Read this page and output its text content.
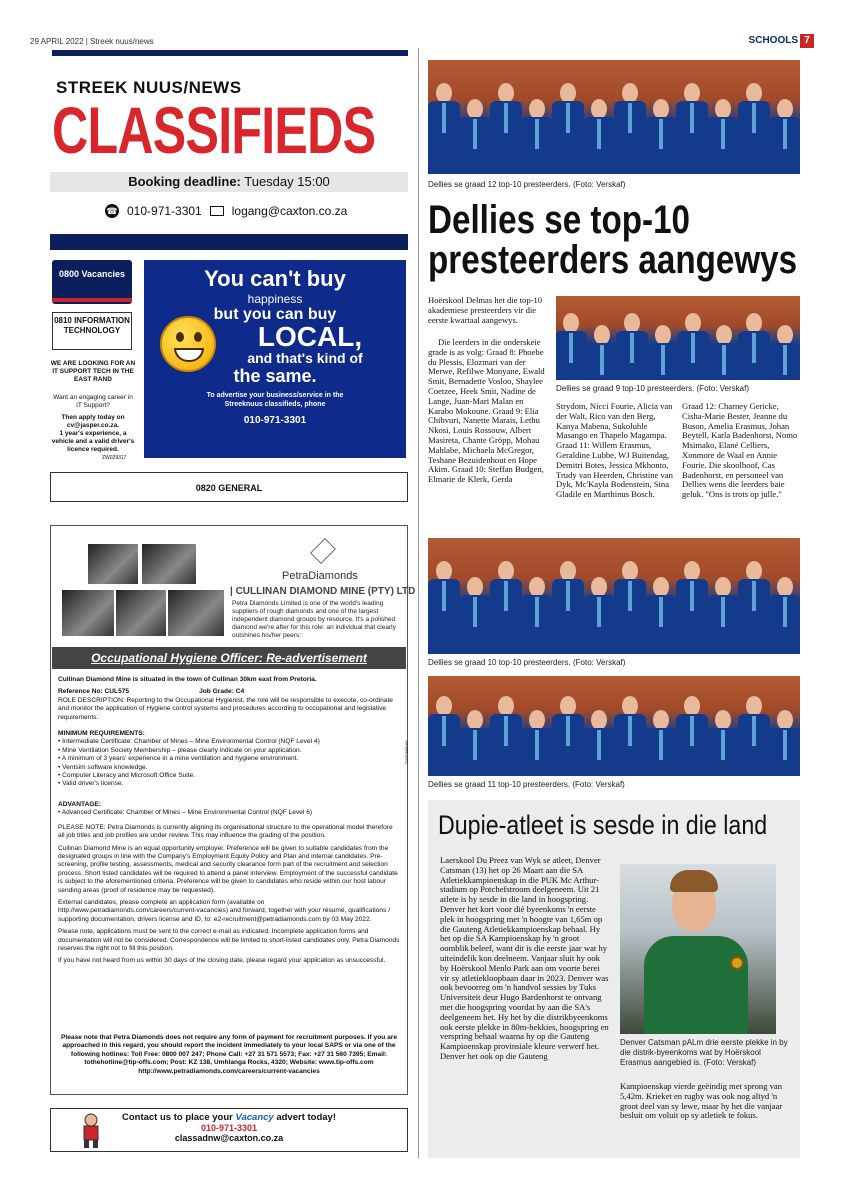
29 APRIL 2022 | Streek nuus/news	SCHOOLS 7
STREEK NUUS/NEWS
CLASSIFIEDS
Booking deadline: Tuesday 15:00
☎ 010-971-3301	logang@caxton.co.za
0800 Vacancies
0810 INFORMATION TECHNOLOGY
WE ARE LOOKING FOR AN IT SUPPORT TECH IN THE EAST RAND
Want an engaging career in IT Support?
Then apply today on cv@jasper.co.za.
1 year's experience, a vehicle and a valid driver's licence required.
ZW029317
You can't buy
happiness
but you can buy
LOCAL,
and that's kind of
the same.
To advertise your business/service in the
Streeknuus classifieds, phone
010-971-3301
0820 GENERAL
PetraDiamonds
| CULLINAN DIAMOND MINE (PTY) LTD
Petra Diamonds Limited is one of the world's leading suppliers of rough diamonds and one of the largest independent diamond groups by resource. It's a polished diamond we're after for this role: an individual that clearly outshines his/her peers:
Occupational Hygiene Officer: Re-advertisement
TWZ0886081

Cullinan Diamond Mine is situated in the town of Cullinan 30km east from Pretoria.

Reference No: CUL575	Job Grade: C4

ROLE DESCRIPTION: Reporting to the Occupational Hygienist, the role will be responsible to execute, co-ordinate and monitor the application of Hygiene control systems and procedures according to occupational and legislative requirements.

MINIMUM REQUIREMENTS:

• Intermediate Certificate: Chamber of Mines – Mine Environmental Control (NQF Level 4)
• Mine Ventilation Society Membership – please clearly indicate on your application.
• A minimum of 3 years' experience in a mine ventilation and hygiene environment.
• Ventsim software knowledge.
• Computer Literacy and Microsoft Office Suite.
• Valid driver's license.

ADVANTAGE:

• Advanced Certificate: Chamber of Mines – Mine Environmental Control (NQF Level 6)

PLEASE NOTE: Petra Diamonds is currently aligning its organisational structure to the operational model therefore all job titles and job profiles are under review. This may influence the grading of the position.

Cullinan Diamond Mine is an equal opportunity employer. Preference will be given to suitable candidates from the designated groups in line with the Company's Employment Equity Policy and Plan and internal candidates. Pre-screening, profile testing, assessments, medical and security clearance form part of the recruitment and selection process. Short listed candidates will be required to attend a panel interview. Employment of the successful candidate is subject to the aforementioned criteria. Preference will be given to candidates who reside within our host labour sending areas (proof of residence may be requested).

External candidates, please complete an application form (available on http://www.petradiamonds.com/careers/current-vacancies) and forward, together with your résumé, qualifications / supporting documentation, drivers license and ID, to: e2-recruitment@petradiamonds.com by 03 May 2022.

Please note, applications must be sent to the correct e-mail as indicated. Incomplete application forms and documentation will not be considered. Correspondence will be limited to short-listed candidates only. Petra Diamonds reserves the right not to fill this position.

If you have not heard from us within 30 days of the closing date, please regard your application as unsuccessful.

Please note that Petra Diamonds does not require any form of payment for recruitment purposes. If you are approached in this regard, you should report the incident immediately to your local SAPS or via one of the following hotlines: Toll Free: 0800 007 247; Phone Call: +27 31 571 5573; Fax: +27 31 560 7395; Email: tothehotline@tip-offs.com; Post: KZ 138, Umhlanga Rocks, 4320; Website: www.tip-offs.com http://www.petradiamonds.com/careers/current-vacancies
Contact us to place your Vacancy advert today!
010-971-3301
classadnw@caxton.co.za
Dellies se graad 12 top-10 presteerders. (Foto: Verskaf)
Dellies se top-10
presteerders aangewys
Hoërskool Delmas het die top-10 akademiese presteerders vir die eerste kwartaal aangewys.
Die leerders in die onderskeie grade is as volg: Graad 8: Phoebe du Plessis, Elozmari van der Merwe, Refilwe Monyane, Ewald Smit, Bernadette Vosloo, Shaylee Coetzee, Heek Smit, Nadine de Lange, Juan-Mari Malan en Karabo Mokoune. Graad 9: Elia Chibvuri, Nanette Marais, Lethu Nkosi, Louis Rossouw, Albert Masireta, Chante Gröpp, Mohau Mahlabe, Michaela McGregor, Teshane Bezuidenhout en Hope Akim. Graad 10: Steffan Budgen, Elmarie de Klerk, Gerda
Dellies se graad 9 top-10 presteerders. (Foto: Verskaf)
Strydom, Nicci Fourie, Alicia van der Walt, Rico van den Berg, Kanya Mabena, Sukoluhle Masango en Thapelo Magampa. Graad 11: Willem Erasmus, Geraldine Lubbe, WJ Buitendag, Demitri Botes, Jessica Mkhonto, Trudy van Heerden, Christine van Dyk, Mc'Kayla Bodenstein, Sina Gladile en Marthinus Bosch.
Graad 12: Charney Gericke, Cisha-Marie Bester, Jeanne du Buson, Amelia Erasmus, Johan Beytell, Karla Badenhorst, Nomo Msimako, Elané Celliers, Xonmore de Waal en Annie Fourie. Die skoolhoof, Cas Badenhorst, en personeel van Dellies wens die leerders baie geluk. "Ons is trots op julle."
Dellies se graad 10 top-10 presteerders. (Foto: Verskaf)
Dellies se graad 11 top-10 presteerders. (Foto: Verskaf)
Dupie-atleet is sesde in die land
Laerskool Du Preez van Wyk se atleet, Denver Catsman (13) het op 26 Maart aan die SA Atletiekkampioenskap in die PUK Mc Arthur-stadium op Potchefstroom deelgeneem. Uit 21 atlete is hy sesde in die land in hoogspring. Denver het kort voor dié byeenkoms 'n eerste plek in hoogspring met 'n hoogte van 1,65m op die Gauteng Atletiekkampioenskap behaal. Hy het op die SA Kampioenskap hy 'n groot oomblik beleef, want dit is die eerste jaar wat hy uiteindelik kon deelneem. Vanjaar sluit hy ook by Hoërskool Menlo Park aan om voorte berei vir sy atletiekloopbaan daar in 2023. Denver was ook bevoorreg om 'n handvol sessies by Tuks Universiteit deur Hugo Bardenhorst te ontvang met die hoogspring voordat hy aan die SA's deelgeneem het. Hy het by die distrikbyeenkoms ook eerste plekke in 80m-hekkies, hoogspring en verspring behaal waarna hy op die Gauteng Kampioenskap provinsiale kleure verwerf het. Denver het ook op die Gauteng
Denver Catsman pALm drie eerste plekke in by die distrik-byeenkoms wat by Hoërskool Erasmus aangebied is. (Foto: Verskaf)
Kampioenskap vierde geëindig met sprong van 5,42m. Krieket en rugby was ook nog altyd 'n groot deel van sy lewe, maar hy het die vanjaar besluit om voluit op sy atletiek te fokus.
